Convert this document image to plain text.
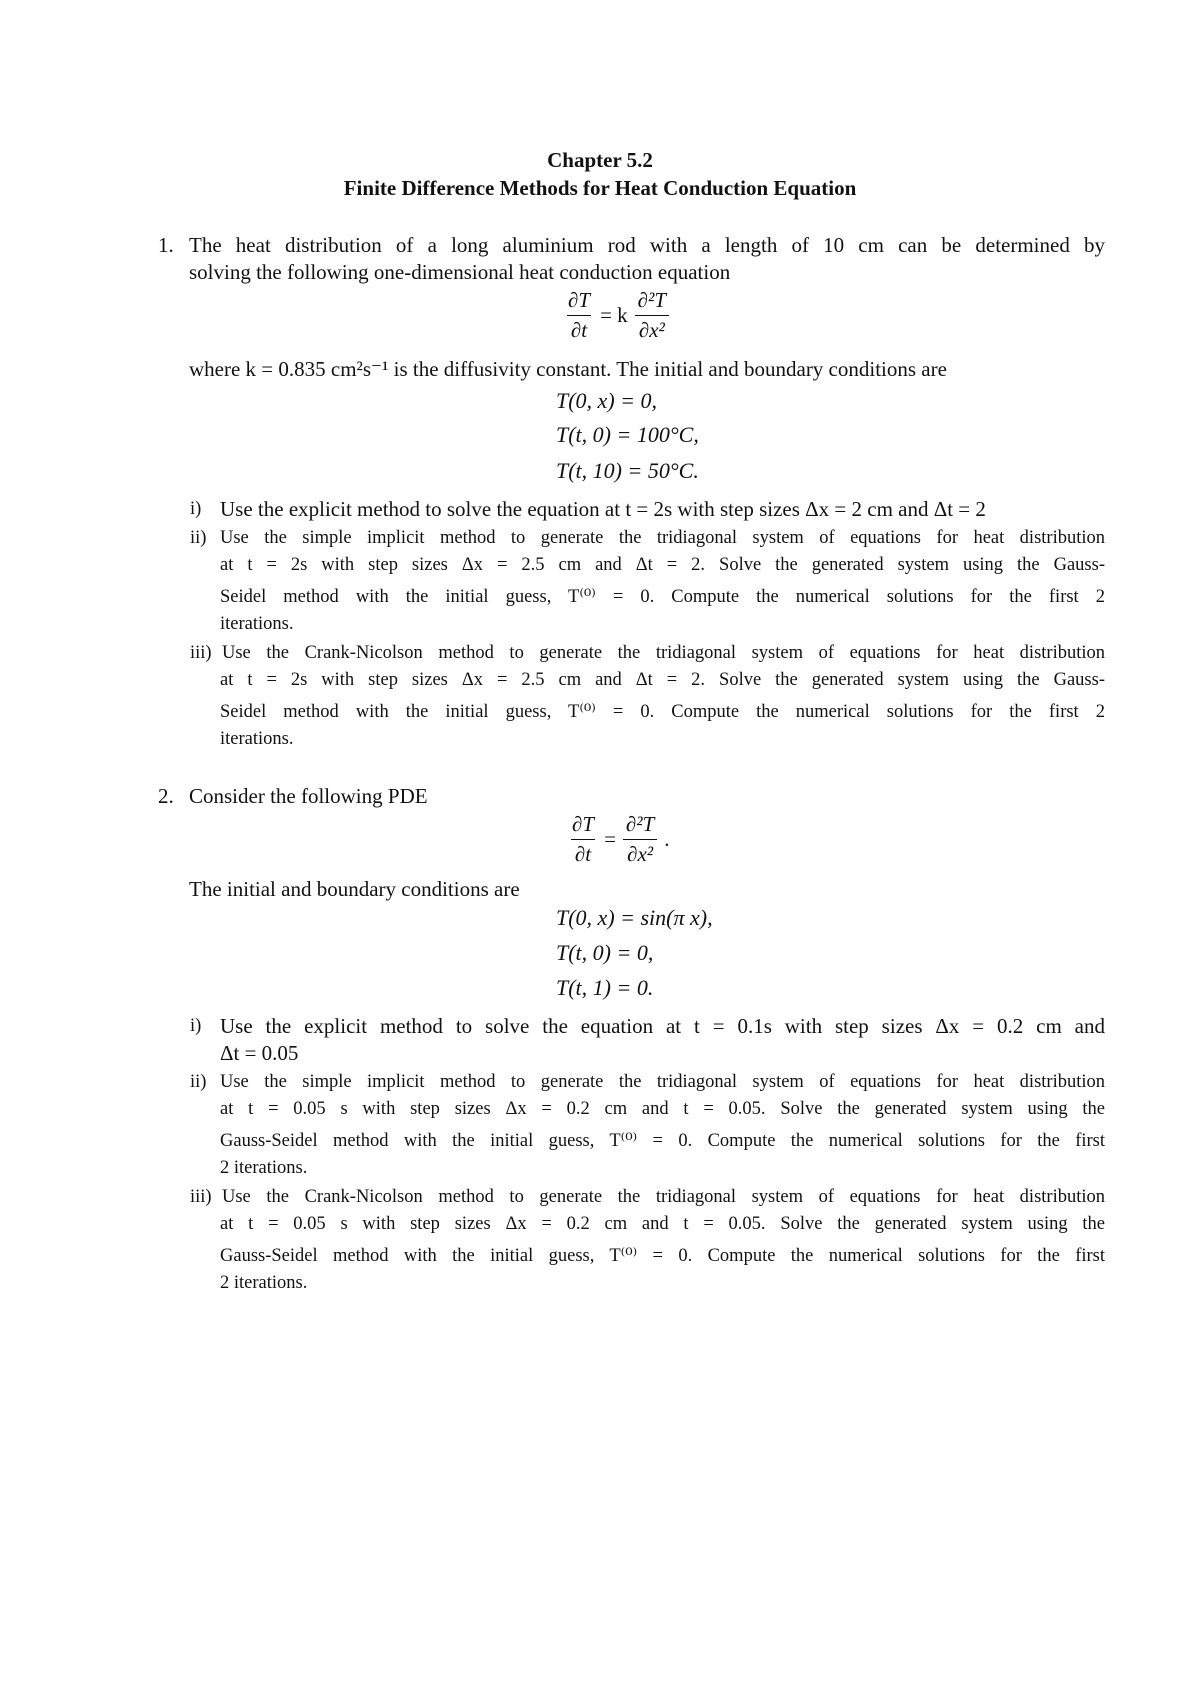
Chapter 5.2
Finite Difference Methods for Heat Conduction Equation
1. The heat distribution of a long aluminium rod with a length of 10 cm can be determined by
solving the following one-dimensional heat conduction equation
$\frac{\partial T}{\partial t} = k \frac{\text{∂²T}}{\text{∂x²}}$
where k = 0.835 cm²s⁻¹ is the diffusivity constant. The initial and boundary conditions are
T(0, x) = 0,
T(t, 0) = 100°C,
T(t, 10) = 50°C.
i) Use the explicit method to solve the equation at t = 2s with step sizes Δx = 2 cm and Δt = 2
ii) Use the simple implicit method to generate the tridiagonal system of equations for heat distribution
at t = 2s with step sizes Δx = 2.5 cm and Δt = 2. Solve the generated system using the Gauss-
Seidel method with the initial guess, T⁽⁰⁾ = 0. Compute the numerical solutions for the first 2
iterations.
iii) Use the Crank-Nicolson method to generate the tridiagonal system of equations for heat distribution
at t = 2s with step sizes Δx = 2.5 cm and Δt = 2. Solve the generated system using the Gauss-
Seidel method with the initial guess, T⁽⁰⁾ = 0. Compute the numerical solutions for the first 2
iterations.
2. Consider the following PDE
$\frac{\partial T}{\partial t} = \frac{\text{∂²T}}{\text{∂x²}}$ .
The initial and boundary conditions are
T(0, x) = sin(π x),
T(t, 0) = 0,
T(t, 1) = 0.
i) Use the explicit method to solve the equation at t = 0.1s with step sizes Δx = 0.2 cm and
Δt = 0.05
ii) Use the simple implicit method to generate the tridiagonal system of equations for heat distribution
at t = 0.05 s with step sizes Δx = 0.2 cm and t = 0.05. Solve the generated system using the
Gauss-Seidel method with the initial guess, T⁽⁰⁾ = 0. Compute the numerical solutions for the first
2 iterations.
iii) Use the Crank-Nicolson method to generate the tridiagonal system of equations for heat distribution
at t = 0.05 s with step sizes Δx = 0.2 cm and t = 0.05. Solve the generated system using the
Gauss-Seidel method with the initial guess, T⁽⁰⁾ = 0. Compute the numerical solutions for the first
2 iterations.
